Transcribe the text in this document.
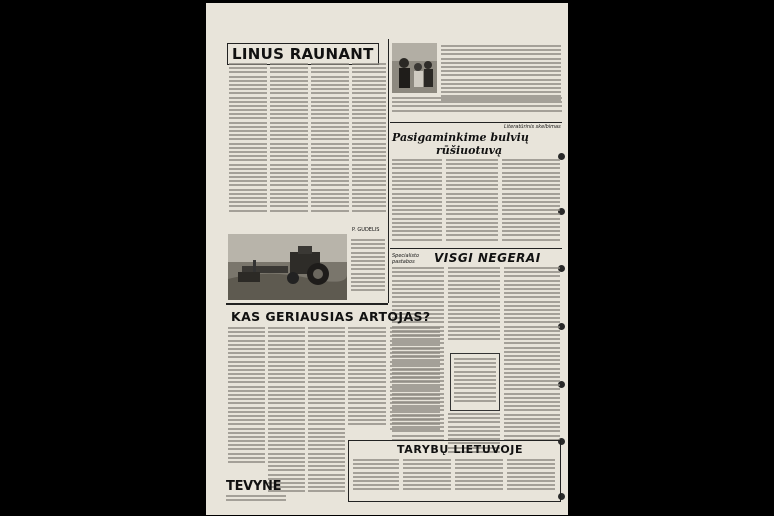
LINUS RAUNANT
P. GUDELIS
Literatūrinis skelbimas
Pasigaminkime bulvių
rūšiuotuvą
Specialisto pastabos	VISGI NEGERAI
KAS GERIAUSIAS ARTOJAS?
TEVYNE
TARYBŲ LIETUVOJE
